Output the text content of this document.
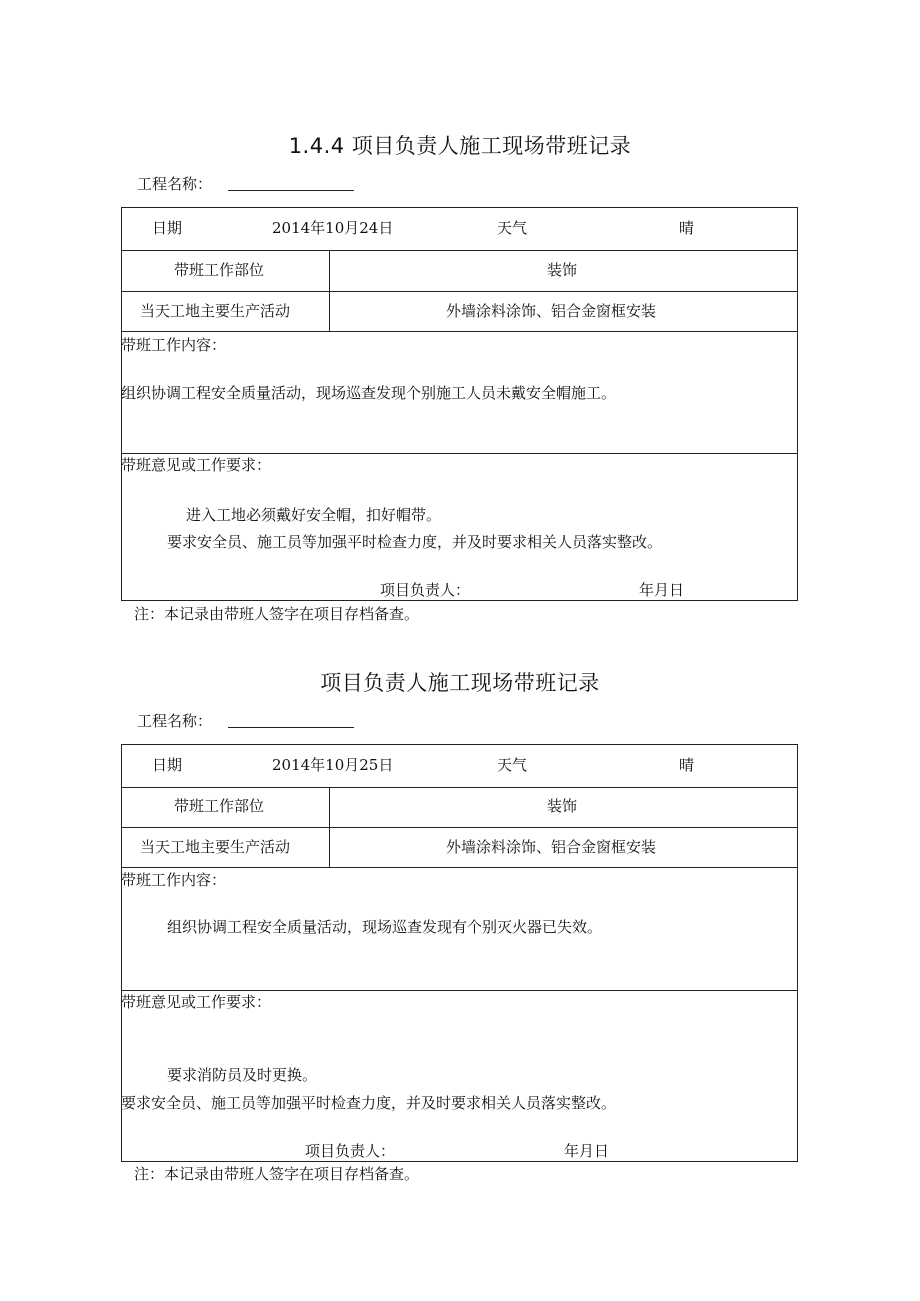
1.4.4 项目负责人施工现场带班记录
工程名称：
日期	2014年10月24日	天气	晴
带班工作部位	装饰
当天工地主要生产活动	外墙涂料涂饰、铝合金窗框安装
带班工作内容：
组织协调工程安全质量活动，现场巡查发现个别施工人员未戴安全帽施工。
带班意见或工作要求：
进入工地必须戴好安全帽，扣好帽带。
要求安全员、施工员等加强平时检查力度，并及时要求相关人员落实整改。
项目负责人：	年月日
注：本记录由带班人签字在项目存档备查。
项目负责人施工现场带班记录
工程名称：
日期	2014年10月25日	天气	晴
带班工作部位	装饰
当天工地主要生产活动	外墙涂料涂饰、铝合金窗框安装
带班工作内容：
组织协调工程安全质量活动，现场巡查发现有个别灭火器已失效。
带班意见或工作要求：
要求消防员及时更换。
要求安全员、施工员等加强平时检查力度，并及时要求相关人员落实整改。
项目负责人：	年月日
注：本记录由带班人签字在项目存档备查。
